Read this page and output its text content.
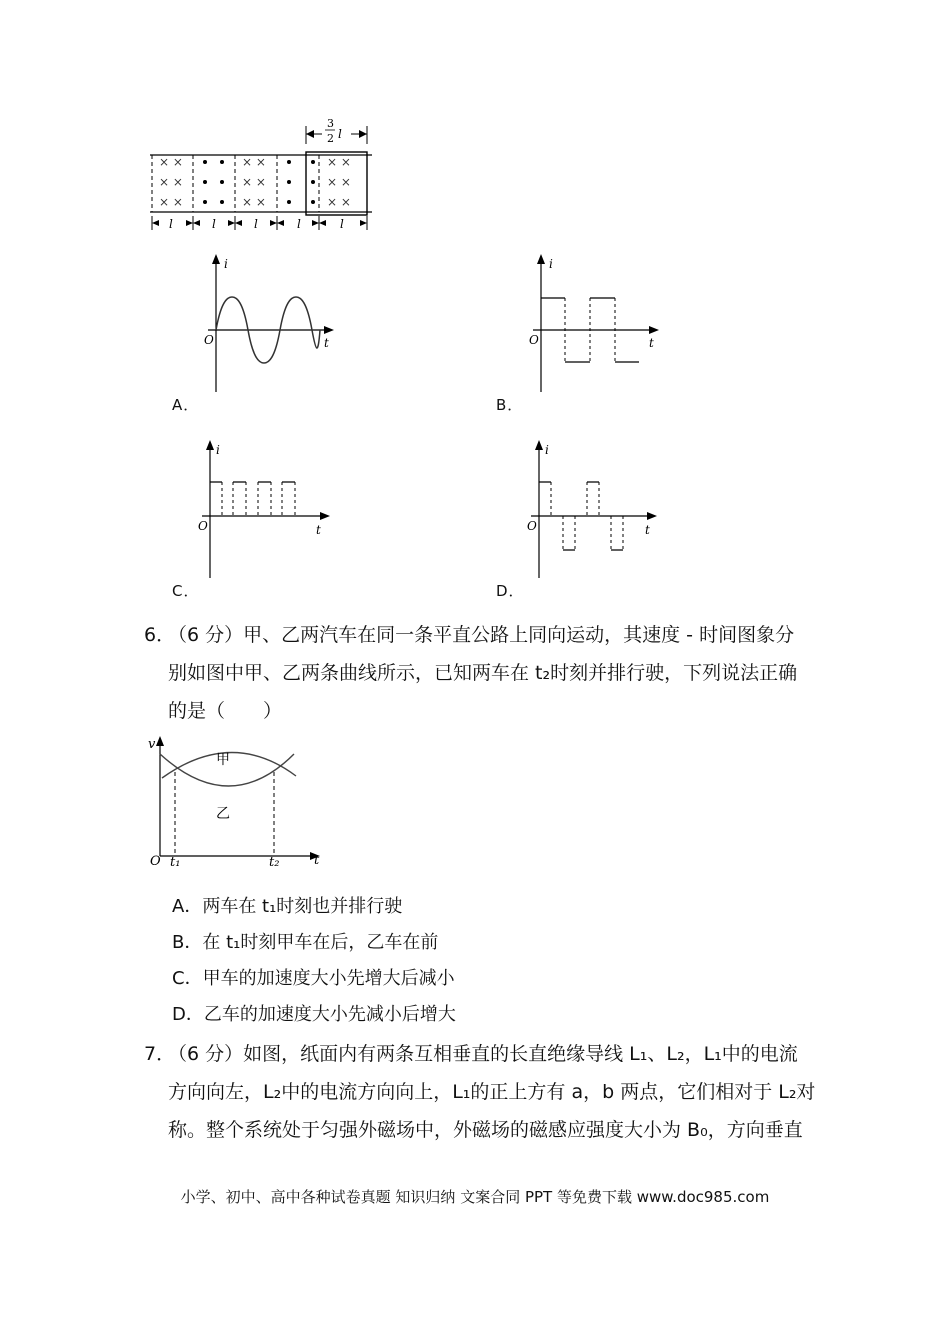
3
2 l
× ×
× ×
× ×
× ×
× ×
× ×
× ×
× ×
× ×
l	l	l	l	l
i
O	t
A．
i
O	t
B．
i
O	t
C．
i
O	t
D．
6．
（6 分）甲、乙两汽车在同一条平直公路上同向运动，其速度 - 时间图象分
别如图中甲、乙两条曲线所示，已知两车在 t₂时刻并排行驶，下列说法正确
的是（　　）
v
O t₁	t₂	t
甲
乙
A．两车在 t₁时刻也并排行驶
B．在 t₁时刻甲车在后，乙车在前
C．甲车的加速度大小先增大后减小
D．乙车的加速度大小先减小后增大
7．
（6 分）如图，纸面内有两条互相垂直的长直绝缘导线 L₁、L₂，L₁中的电流
方向向左，L₂中的电流方向向上，L₁的正上方有 a，b 两点，它们相对于 L₂对
称。整个系统处于匀强外磁场中，外磁场的磁感应强度大小为 B₀，方向垂直
小学、初中、高中各种试卷真题 知识归纳 文案合同 PPT 等免费下载 www.doc985.com
